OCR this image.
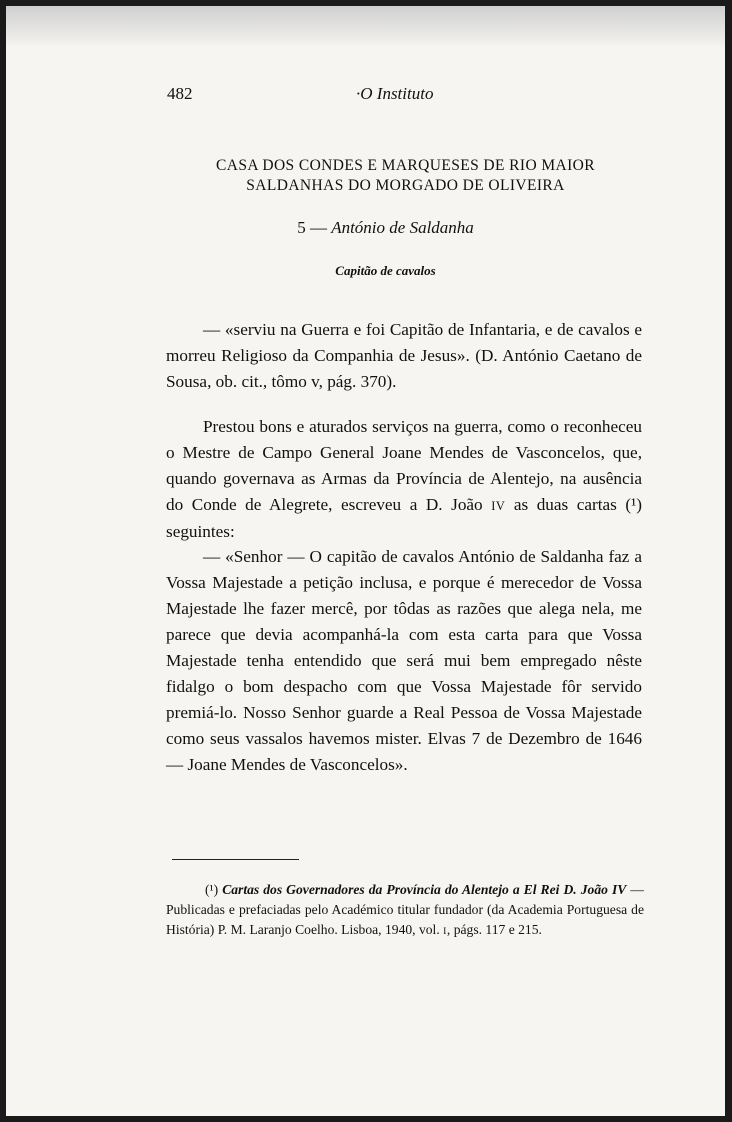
482	·O Instituto
CASA DOS CONDES E MARQUESES DE RIO MAIOR
SALDANHAS DO MORGADO DE OLIVEIRA
5 — António de Saldanha
Capitão de cavalos

— «serviu na Guerra e foi Capitão de Infantaria, e de cavalos e morreu Religioso da Companhia de Jesus». (D. António Caetano de Sousa, ob. cit., tômo v, pág. 370).

Prestou bons e aturados serviços na guerra, como o reconheceu o Mestre de Campo General Joane Mendes de Vasconcelos, que, quando governava as Armas da Província de Alentejo, na ausência do Conde de Alegrete, escreveu a D. João IV as duas cartas (¹) seguintes:

— «Senhor — O capitão de cavalos António de Saldanha faz a Vossa Majestade a petição inclusa, e porque é merecedor de Vossa Majestade lhe fazer mercê, por tôdas as razões que alega nela, me parece que devia acompanhá-la com esta carta para que Vossa Majestade tenha entendido que será mui bem empregado nêste fidalgo o bom despacho com que Vossa Majestade fôr servido premiá-lo. Nosso Senhor guarde a Real Pessoa de Vossa Majestade como seus vassalos havemos mister. Elvas 7 de Dezembro de 1646 — Joane Mendes de Vasconcelos».

(¹) Cartas dos Governadores da Província do Alentejo a El Rei D. João IV — Publicadas e prefaciadas pelo Académico titular fundador (da Academia Portuguesa de História) P. M. Laranjo Coelho. Lisboa, 1940, vol. I, págs. 117 e 215.
